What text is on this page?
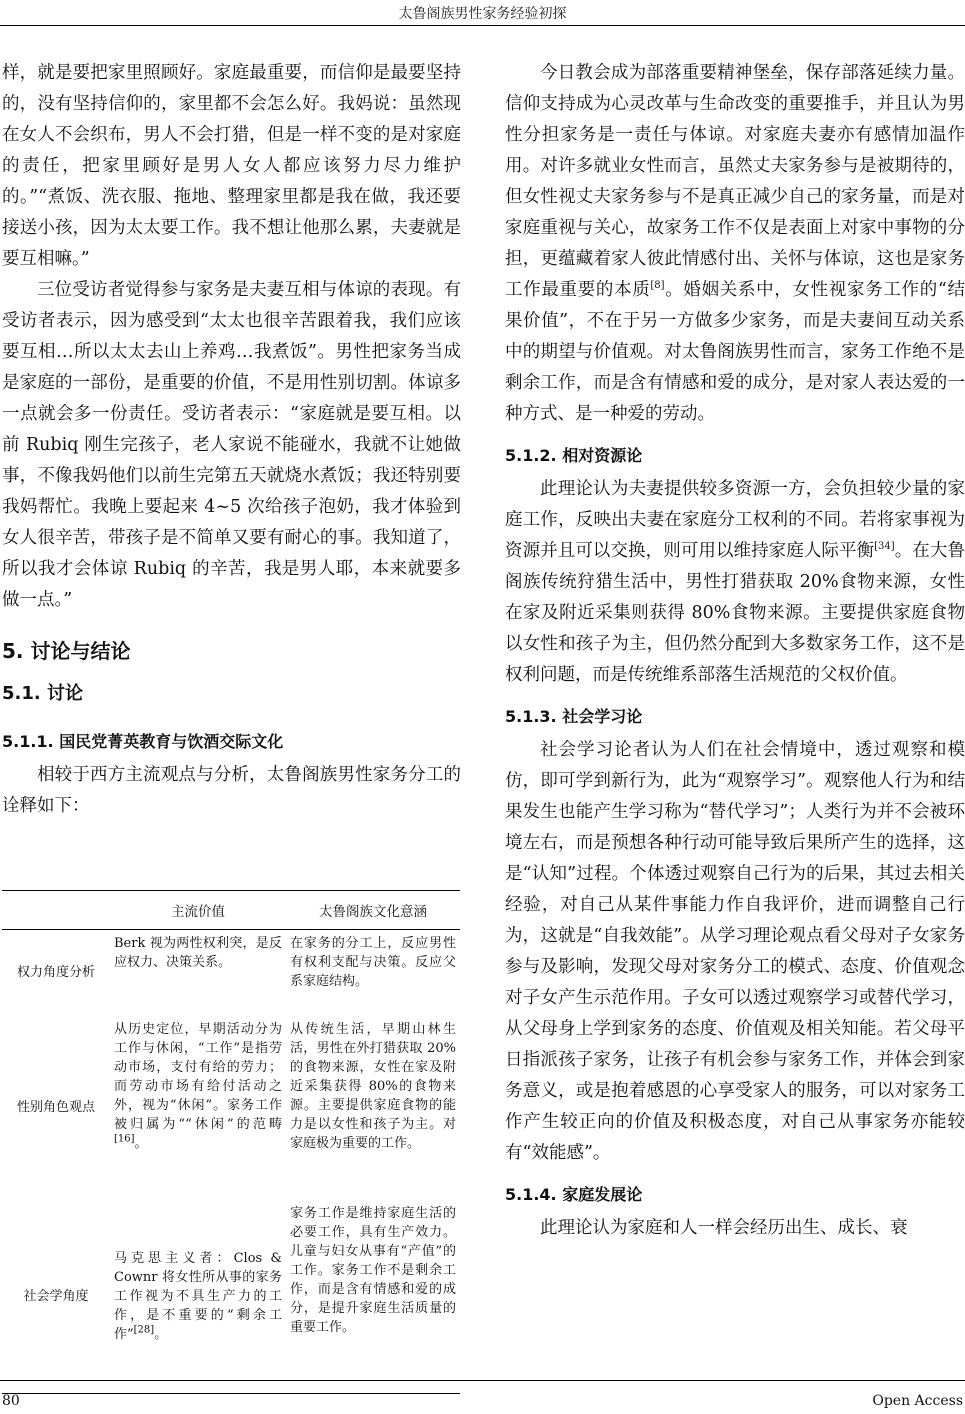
太鲁阁族男性家务经验初探

样，就是要把家里照顾好。家庭最重要，而信仰是最要坚持的，没有坚持信仰的，家里都不会怎么好。我妈说：虽然现在女人不会织布，男人不会打猎，但是一样不变的是对家庭的责任，把家里顾好是男人女人都应该努力尽力维护的。”“煮饭、洗衣服、拖地、整理家里都是我在做，我还要接送小孩，因为太太要工作。我不想让他那么累，夫妻就是要互相嘛。”

三位受访者觉得参与家务是夫妻互相与体谅的表现。有受访者表示，因为感受到“太太也很辛苦跟着我，我们应该要互相…所以太太去山上养鸡…我煮饭”。男性把家务当成是家庭的一部份，是重要的价值，不是用性别切割。体谅多一点就会多一份责任。受访者表示：“家庭就是要互相。以前 Rubiq 刚生完孩子，老人家说不能碰水，我就不让她做事，不像我妈他们以前生完第五天就烧水煮饭；我还特别要我妈帮忙。我晚上要起来 4~5 次给孩子泡奶，我才体验到女人很辛苦，带孩子是不简单又要有耐心的事。我知道了，所以我才会体谅 Rubiq 的辛苦，我是男人耶，本来就要多做一点。”

5. 讨论与结论
5.1. 讨论
5.1.1. 国民党菁英教育与饮酒交际文化

相较于西方主流观点与分析，太鲁阁族男性家务分工的诠释如下：

	主流价值	太鲁阁族文化意涵
权力角度分析	Berk 视为两性权利突，是反应权力、决策关系。	在家务的分工上，反应男性有权利支配与决策。反应父系家庭结构。
性别角色观点	从历史定位，早期活动分为工作与休闲，“工作”是指劳动市场，支付有给的劳力；而劳动市场有给付活动之外，视为“休闲”。家务工作被归属为““休闲”的范畴[16]。	从传统生活，早期山林生活，男性在外打猎获取 20%的食物来源，女性在家及附近采集获得 80%的食物来源。主要提供家庭食物的能力是以女性和孩子为主。对家庭极为重要的工作。
社会学角度	马克思主义者：Clos & Cownr 将女性所从事的家务工作视为不具生产力的工作，是不重要的“剩余工作”[28]。	家务工作是维持家庭生活的必要工作，具有生产效力。儿童与妇女从事有“产值”的工作。家务工作不是剩余工作，而是含有情感和爱的成分，是提升家庭生活质量的重要工作。

今日教会成为部落重要精神堡垒，保存部落延续力量。信仰支持成为心灵改革与生命改变的重要推手，并且认为男性分担家务是一责任与体谅。对家庭夫妻亦有感情加温作用。对许多就业女性而言，虽然丈夫家务参与是被期待的，但女性视丈夫家务参与不是真正减少自己的家务量，而是对家庭重视与关心，故家务工作不仅是表面上对家中事物的分担，更蕴藏着家人彼此情感付出、关怀与体谅，这也是家务工作最重要的本质[8]。婚姻关系中，女性视家务工作的“结果价值”，不在于另一方做多少家务，而是夫妻间互动关系中的期望与价值观。对太鲁阁族男性而言，家务工作绝不是剩余工作，而是含有情感和爱的成分，是对家人表达爱的一种方式、是一种爱的劳动。

5.1.2. 相对资源论

此理论认为夫妻提供较多资源一方，会负担较少量的家庭工作，反映出夫妻在家庭分工权利的不同。若将家事视为资源并且可以交换，则可用以维持家庭人际平衡[34]。在大鲁阁族传统狩猎生活中，男性打猎获取 20%食物来源，女性在家及附近采集则获得 80%食物来源。主要提供家庭食物以女性和孩子为主，但仍然分配到大多数家务工作，这不是权利问题，而是传统维系部落生活规范的父权价值。

5.1.3. 社会学习论

社会学习论者认为人们在社会情境中，透过观察和模仿，即可学到新行为，此为“观察学习”。观察他人行为和结果发生也能产生学习称为“替代学习”；人类行为并不会被环境左右，而是预想各种行动可能导致后果所产生的选择，这是“认知”过程。个体透过观察自己行为的后果，其过去相关经验，对自己从某件事能力作自我评价，进而调整自己行为，这就是“自我效能”。从学习理论观点看父母对子女家务参与及影响，发现父母对家务分工的模式、态度、价值观念对子女产生示范作用。子女可以透过观察学习或替代学习，从父母身上学到家务的态度、价值观及相关知能。若父母平日指派孩子家务，让孩子有机会参与家务工作，并体会到家务意义，或是抱着感恩的心享受家人的服务，可以对家务工作产生较正向的价值及积极态度，对自己从事家务亦能较有“效能感”。

5.1.4. 家庭发展论

此理论认为家庭和人一样会经历出生、成长、衰

80	Open Access
